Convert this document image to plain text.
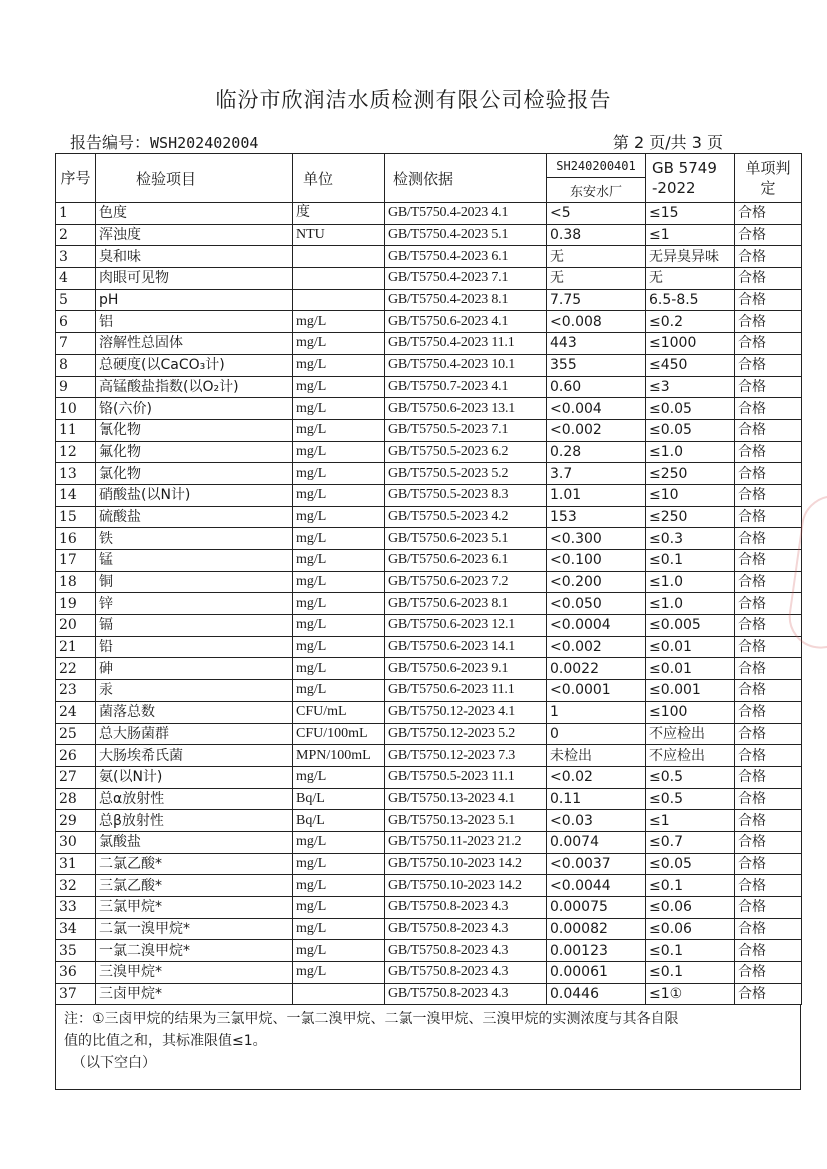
临汾市欣润洁水质检测有限公司检验报告
报告编号：WSH202402004	第 2 页/共 3 页
序号	检验项目	单位	检测依据	SH240200401	GB 5749 -2022	单项判定
				东安水厂		
1	色度	度	GB/T5750.4-2023 4.1	<5	≤15	合格
2	浑浊度	NTU	GB/T5750.4-2023 5.1	0.38	≤1	合格
3	臭和味		GB/T5750.4-2023 6.1	无	无异臭异味	合格
4	肉眼可见物		GB/T5750.4-2023 7.1	无	无	合格
5	pH		GB/T5750.4-2023 8.1	7.75	6.5-8.5	合格
6	铝	mg/L	GB/T5750.6-2023 4.1	<0.008	≤0.2	合格
7	溶解性总固体	mg/L	GB/T5750.4-2023 11.1	443	≤1000	合格
8	总硬度(以CaCO₃计)	mg/L	GB/T5750.4-2023 10.1	355	≤450	合格
9	高锰酸盐指数(以O₂计)	mg/L	GB/T5750.7-2023 4.1	0.60	≤3	合格
10	铬(六价)	mg/L	GB/T5750.6-2023 13.1	<0.004	≤0.05	合格
11	氰化物	mg/L	GB/T5750.5-2023 7.1	<0.002	≤0.05	合格
12	氟化物	mg/L	GB/T5750.5-2023 6.2	0.28	≤1.0	合格
13	氯化物	mg/L	GB/T5750.5-2023 5.2	3.7	≤250	合格
14	硝酸盐(以N计)	mg/L	GB/T5750.5-2023 8.3	1.01	≤10	合格
15	硫酸盐	mg/L	GB/T5750.5-2023 4.2	153	≤250	合格
16	铁	mg/L	GB/T5750.6-2023 5.1	<0.300	≤0.3	合格
17	锰	mg/L	GB/T5750.6-2023 6.1	<0.100	≤0.1	合格
18	铜	mg/L	GB/T5750.6-2023 7.2	<0.200	≤1.0	合格
19	锌	mg/L	GB/T5750.6-2023 8.1	<0.050	≤1.0	合格
20	镉	mg/L	GB/T5750.6-2023 12.1	<0.0004	≤0.005	合格
21	铅	mg/L	GB/T5750.6-2023 14.1	<0.002	≤0.01	合格
22	砷	mg/L	GB/T5750.6-2023 9.1	0.0022	≤0.01	合格
23	汞	mg/L	GB/T5750.6-2023 11.1	<0.0001	≤0.001	合格
24	菌落总数	CFU/mL	GB/T5750.12-2023 4.1	1	≤100	合格
25	总大肠菌群	CFU/100mL	GB/T5750.12-2023 5.2	0	不应检出	合格
26	大肠埃希氏菌	MPN/100mL	GB/T5750.12-2023 7.3	未检出	不应检出	合格
27	氨(以N计)	mg/L	GB/T5750.5-2023 11.1	<0.02	≤0.5	合格
28	总α放射性	Bq/L	GB/T5750.13-2023 4.1	0.11	≤0.5	合格
29	总β放射性	Bq/L	GB/T5750.13-2023 5.1	<0.03	≤1	合格
30	氯酸盐	mg/L	GB/T5750.11-2023 21.2	0.0074	≤0.7	合格
31	二氯乙酸*	mg/L	GB/T5750.10-2023 14.2	<0.0037	≤0.05	合格
32	三氯乙酸*	mg/L	GB/T5750.10-2023 14.2	<0.0044	≤0.1	合格
33	三氯甲烷*	mg/L	GB/T5750.8-2023 4.3	0.00075	≤0.06	合格
34	二氯一溴甲烷*	mg/L	GB/T5750.8-2023 4.3	0.00082	≤0.06	合格
35	一氯二溴甲烷*	mg/L	GB/T5750.8-2023 4.3	0.00123	≤0.1	合格
36	三溴甲烷*	mg/L	GB/T5750.8-2023 4.3	0.00061	≤0.1	合格
37	三卤甲烷*		GB/T5750.8-2023 4.3	0.0446	≤1①	合格
注：①三卤甲烷的结果为三氯甲烷、一氯二溴甲烷、二氯一溴甲烷、三溴甲烷的实测浓度与其各自限
值的比值之和，其标准限值≤1。
（以下空白）
